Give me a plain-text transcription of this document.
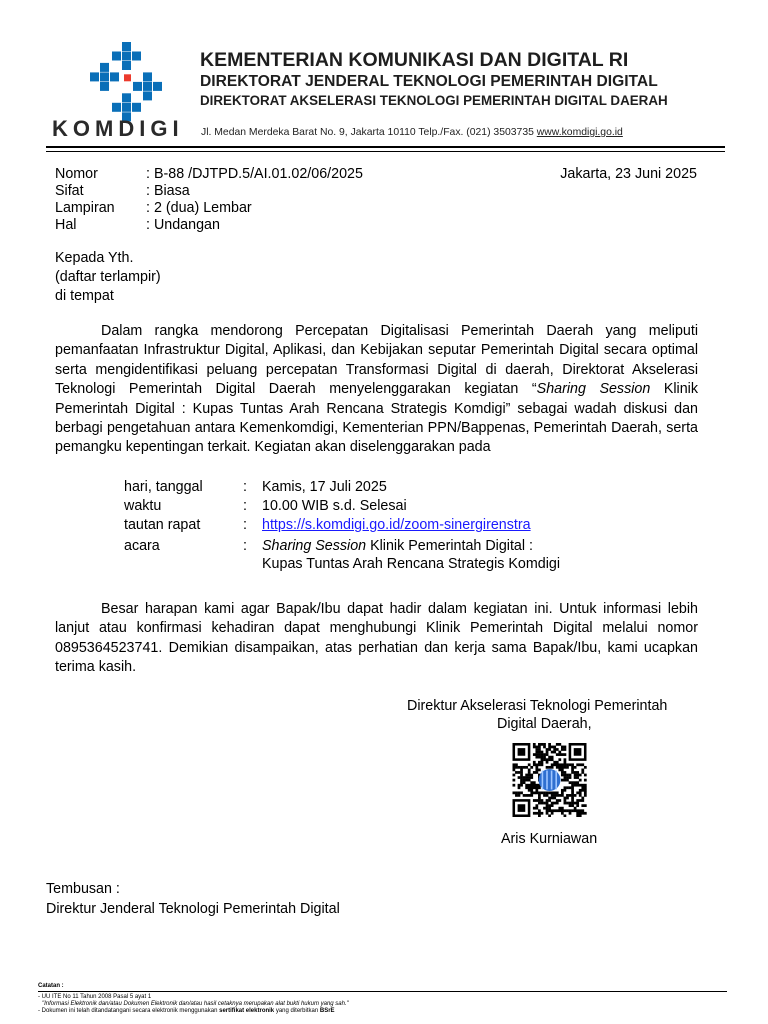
KOMDIGI
KEMENTERIAN KOMUNIKASI DAN DIGITAL RI
DIREKTORAT JENDERAL TEKNOLOGI PEMERINTAH DIGITAL
DIREKTORAT AKSELERASI TEKNOLOGI PEMERINTAH DIGITAL DAERAH
Jl. Medan Merdeka Barat No. 9, Jakarta 10110 Telp./Fax. (021) 3503735 www.komdigi.go.id
Nomor	: B-88 /DJTPD.5/AI.01.02/06/2025
Sifat	: Biasa
Lampiran : 2 (dua) Lembar
Hal	: Undangan
Jakarta, 23 Juni 2025
Kepada Yth.
(daftar terlampir)
di tempat
Dalam rangka mendorong Percepatan Digitalisasi Pemerintah Daerah yang meliputi pemanfaatan Infrastruktur Digital, Aplikasi, dan Kebijakan seputar Pemerintah Digital secara optimal serta mengidentifikasi peluang percepatan Transformasi Digital di daerah, Direktorat Akselerasi Teknologi Pemerintah Digital Daerah menyelenggarakan kegiatan “Sharing Session Klinik Pemerintah Digital : Kupas Tuntas Arah Rencana Strategis Komdigi” sebagai wadah diskusi dan berbagi pengetahuan antara Kemenkomdigi, Kementerian PPN/Bappenas, Pemerintah Daerah, serta pemangku kepentingan terkait. Kegiatan akan diselenggarakan pada
hari, tanggal	: Kamis, 17 Juli 2025
waktu	: 10.00 WIB s.d. Selesai
tautan rapat	: https://s.komdigi.go.id/zoom-sinergirenstra
acara	: Sharing Session Klinik Pemerintah Digital :
Kupas Tuntas Arah Rencana Strategis Komdigi
Besar harapan kami agar Bapak/Ibu dapat hadir dalam kegiatan ini. Untuk informasi lebih lanjut atau konfirmasi kehadiran dapat menghubungi Klinik Pemerintah Digital melalui nomor 0895364523741. Demikian disampaikan, atas perhatian dan kerja sama Bapak/Ibu, kami ucapkan terima kasih.
Direktur Akselerasi Teknologi Pemerintah
Digital Daerah,
Aris Kurniawan
Tembusan :
Direktur Jenderal Teknologi Pemerintah Digital
Catatan :
- UU ITE No 11 Tahun 2008 Pasal 5 ayat 1
"Informasi Elektronik dan/atau Dokumen Elektronik dan/atau hasil cetaknya merupakan alat bukti hukum yang sah."
- Dokumen ini telah ditandatangani secara elektronik menggunakan sertifikat elektronik yang diterbitkan BSrE
